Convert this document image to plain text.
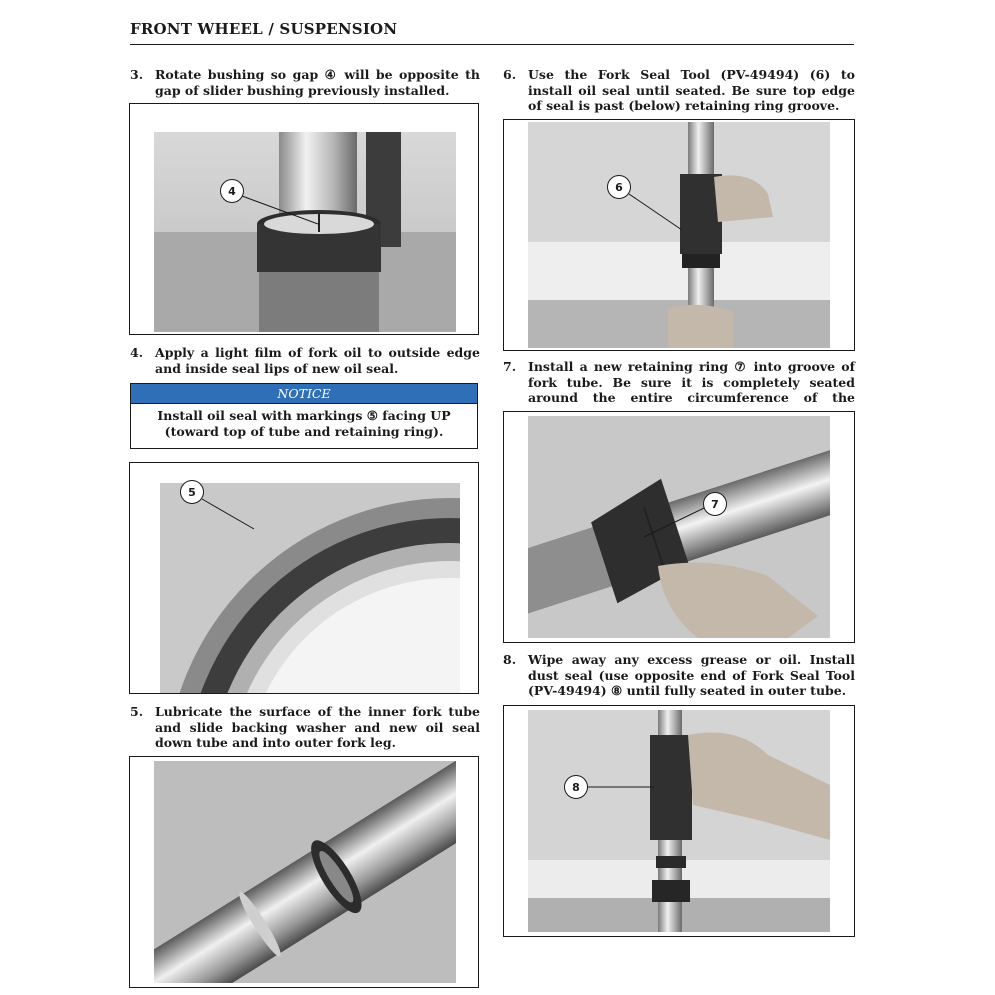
FRONT WHEEL / SUSPENSION
3. Rotate bushing so gap ④ will be opposite th gap of slider bushing previously installed.
4
4. Apply a light film of fork oil to outside edge and inside seal lips of new oil seal.
NOTICE
Install oil seal with markings ⑤ facing UP (toward top of tube and retaining ring).
5
5. Lubricate the surface of the inner fork tube and slide backing washer and new oil seal down tube and into outer fork leg.
6. Use the Fork Seal Tool (PV-49494) (6) to install oil seal until seated. Be sure top edge of seal is past (below) retaining ring groove.
6
7. Install a new retaining ring ⑦ into groove of fork tube. Be sure it is completely seated around the entire circumference of the
7
8. Wipe away any excess grease or oil. Install dust seal (use opposite end of Fork Seal Tool (PV-49494) ⑧ until fully seated in outer tube.
8
